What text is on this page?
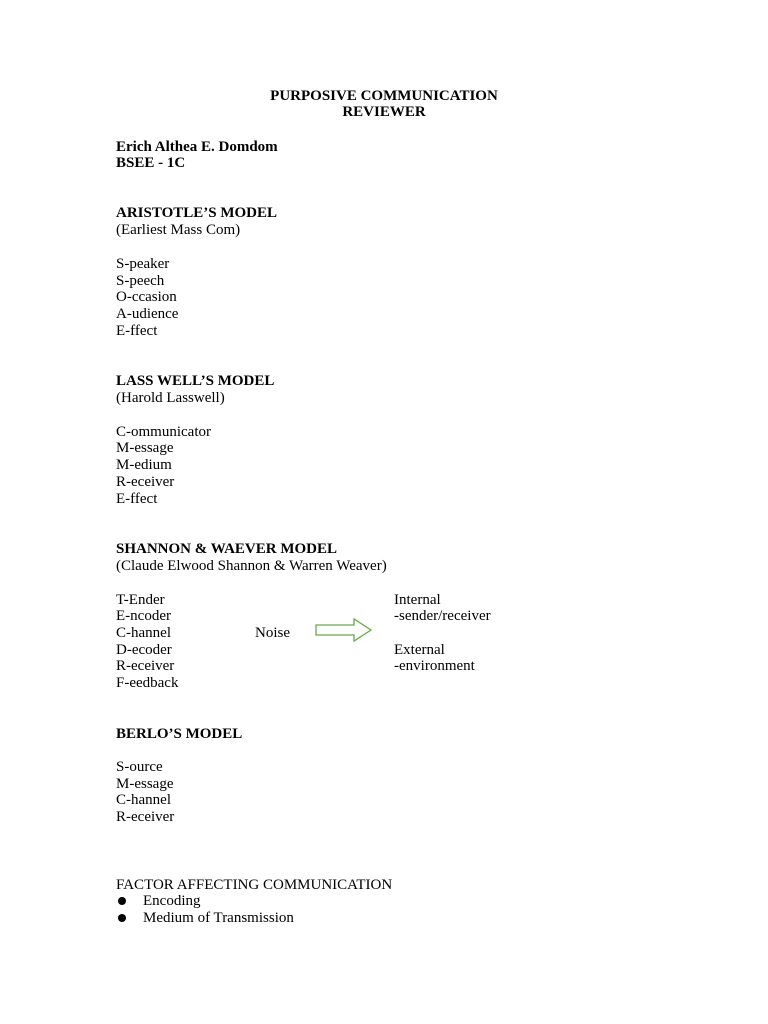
PURPOSIVE COMMUNICATION
REVIEWER
Erich Althea E. Domdom
BSEE - 1C
ARISTOTLE’S MODEL
(Earliest Mass Com)
S-peaker
S-peech
O-ccasion
A-udience
E-ffect
LASS WELL’S MODEL
(Harold Lasswell)
C-ommunicator
M-essage
M-edium
R-eceiver
E-ffect
SHANNON & WAEVER MODEL
(Claude Elwood Shannon & Warren Weaver)
T-Ender
E-ncoder
C-hannel
D-ecoder
R-eceiver
F-eedback
Noise
Internal
-sender/receiver
External
-environment
BERLO’S MODEL
S-ource
M-essage
C-hannel
R-eceiver
FACTOR AFFECTING COMMUNICATION
Encoding
Medium of Transmission
